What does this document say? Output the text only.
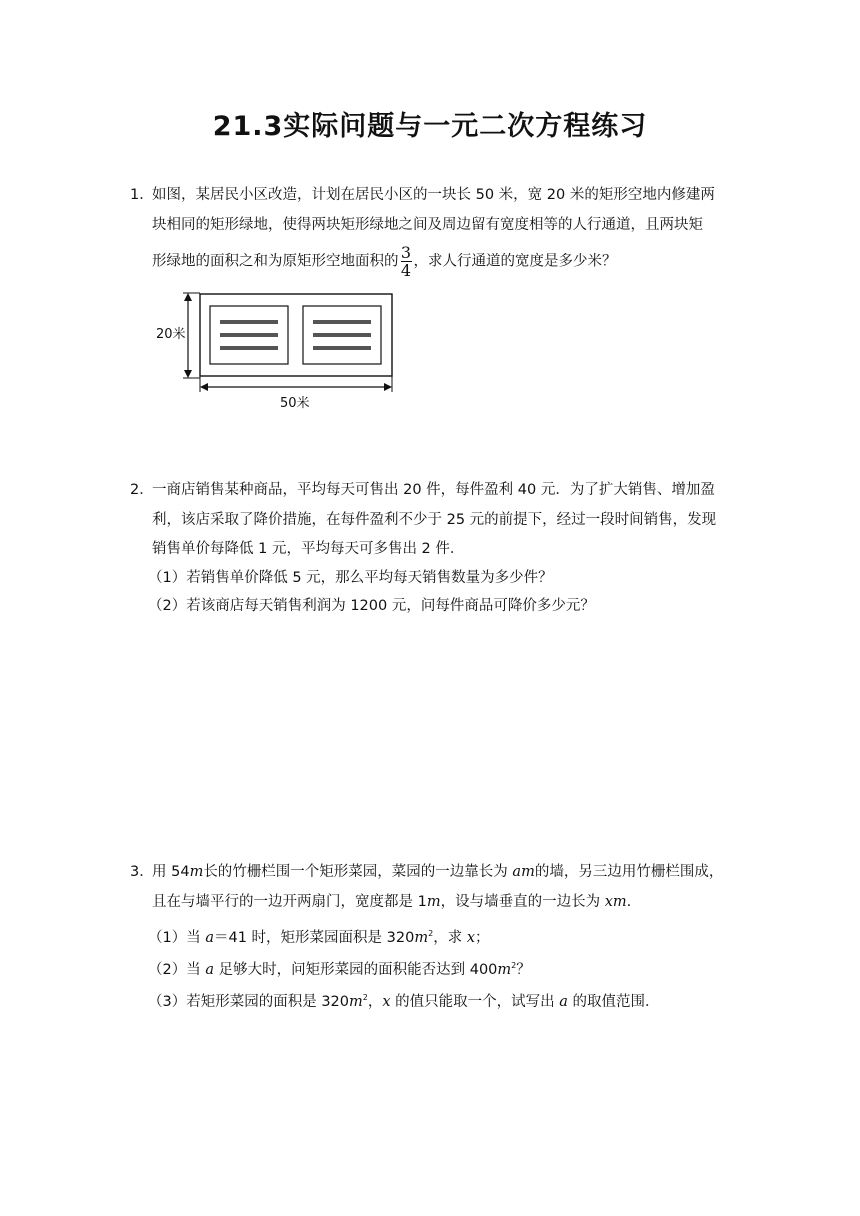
21.3实际问题与一元二次方程练习
1．
如图，某居民小区改造，计划在居民小区的一块长 50 米，宽 20 米的矩形空地内修建两
块相同的矩形绿地，使得两块矩形绿地之间及周边留有宽度相等的人行通道，且两块矩
形绿地的面积之和为原矩形空地面积的 $\frac{3}{4}$ ，求人行通道的宽度是多少米？
20米
50米
2．
一商店销售某种商品，平均每天可售出 20 件，每件盈利 40 元．为了扩大销售、增加盈
利，该店采取了降价措施，在每件盈利不少于 25 元的前提下，经过一段时间销售，发现
销售单价每降低 1 元，平均每天可多售出 2 件．
（1）若销售单价降低 5 元，那么平均每天销售数量为多少件？
（2）若该商店每天销售利润为 1200 元，问每件商品可降价多少元？
3．
用 54m长的竹栅栏围一个矩形菜园，菜园的一边靠长为 am的墙，另三边用竹栅栏围成，
且在与墙平行的一边开两扇门，宽度都是 1m，设与墙垂直的一边长为 xm.
（1）当 a＝41 时，矩形菜园面积是 $320m^2$，求 x；
（2）当 a 足够大时，问矩形菜园的面积能否达到 $400m^2$？
（3）若矩形菜园的面积是 $320m^2$，x 的值只能取一个，试写出 a 的取值范围．
